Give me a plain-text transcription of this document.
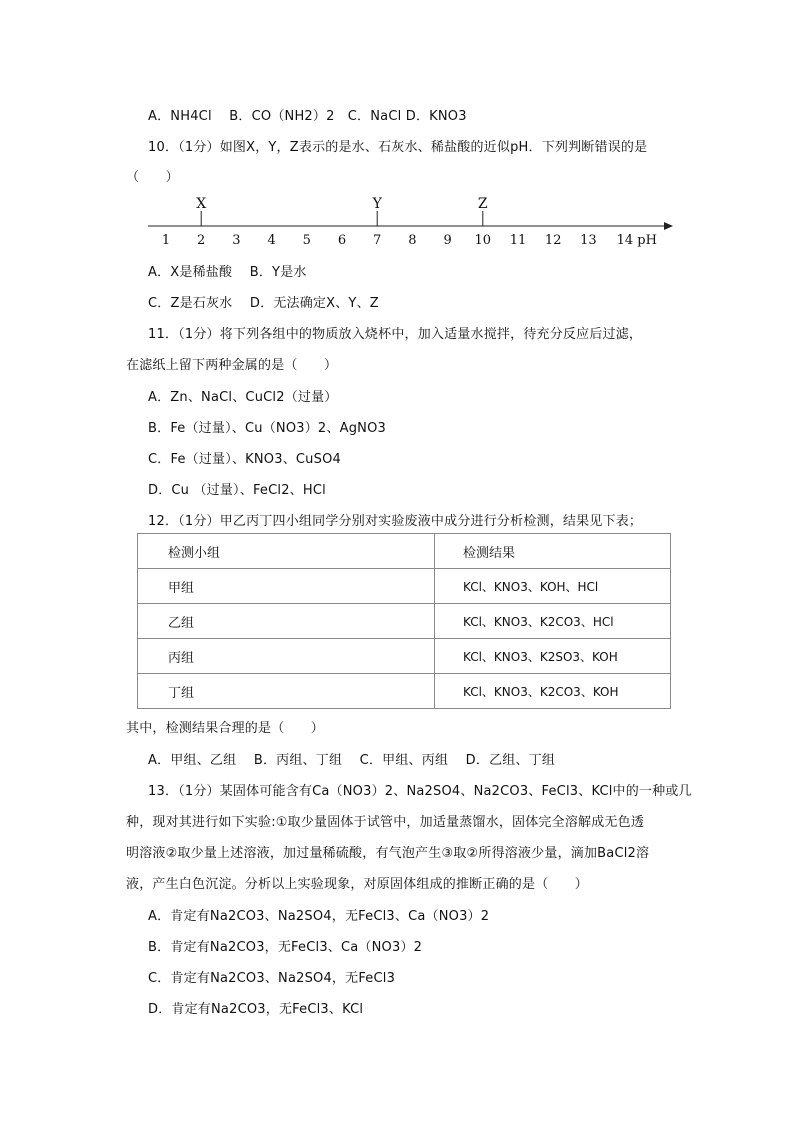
A．NH4Cl　 B．CO（NH2）2　C．NaCl D．KNO3
10．（1分）如图X，Y，Z表示的是水、石灰水、稀盐酸的近似pH．下列判断错误的是
（　　）
1 2 3 4 5 6 7 8 9 10 11 12 13 14 pH
X	Y	Z
A．X是稀盐酸　 B．Y是水
C．Z是石灰水　 D．无法确定X、Y、Z
11．（1分）将下列各组中的物质放入烧杯中，加入适量水搅拌，待充分反应后过滤，
在滤纸上留下两种金属的是（　　）
A．Zn、NaCl、CuCl2（过量）
B．Fe（过量）、Cu（NO3）2、AgNO3
C．Fe（过量）、KNO3、CuSO4
D．Cu （过量）、FeCl2、HCl
12．（1分）甲乙丙丁四小组同学分别对实验废液中成分进行分析检测，结果见下表；
检测小组	检测结果
甲组	KCl、KNO3、KOH、HCl
乙组	KCl、KNO3、K2CO3、HCl
丙组	KCl、KNO3、K2SO3、KOH
丁组	KCl、KNO3、K2CO3、KOH
其中，检测结果合理的是（　　）
A．甲组、乙组　 B．丙组、丁组　 C．甲组、丙组　 D．乙组、丁组
13．（1分）某固体可能含有Ca（NO3）2、Na2SO4、Na2CO3、FeCl3、KCl中的一种或几
种，现对其进行如下实验:①取少量固体于试管中，加适量蒸馏水，固体完全溶解成无色透
明溶液②取少量上述溶液，加过量稀硫酸，有气泡产生③取②所得溶液少量，滴加BaCl2溶
液，产生白色沉淀。分析以上实验现象，对原固体组成的推断正确的是（　　）
A．肯定有Na2CO3、Na2SO4，无FeCl3、Ca（NO3）2
B．肯定有Na2CO3，无FeCl3、Ca（NO3）2
C．肯定有Na2CO3、Na2SO4，无FeCl3
D．肯定有Na2CO3，无FeCl3、KCl
